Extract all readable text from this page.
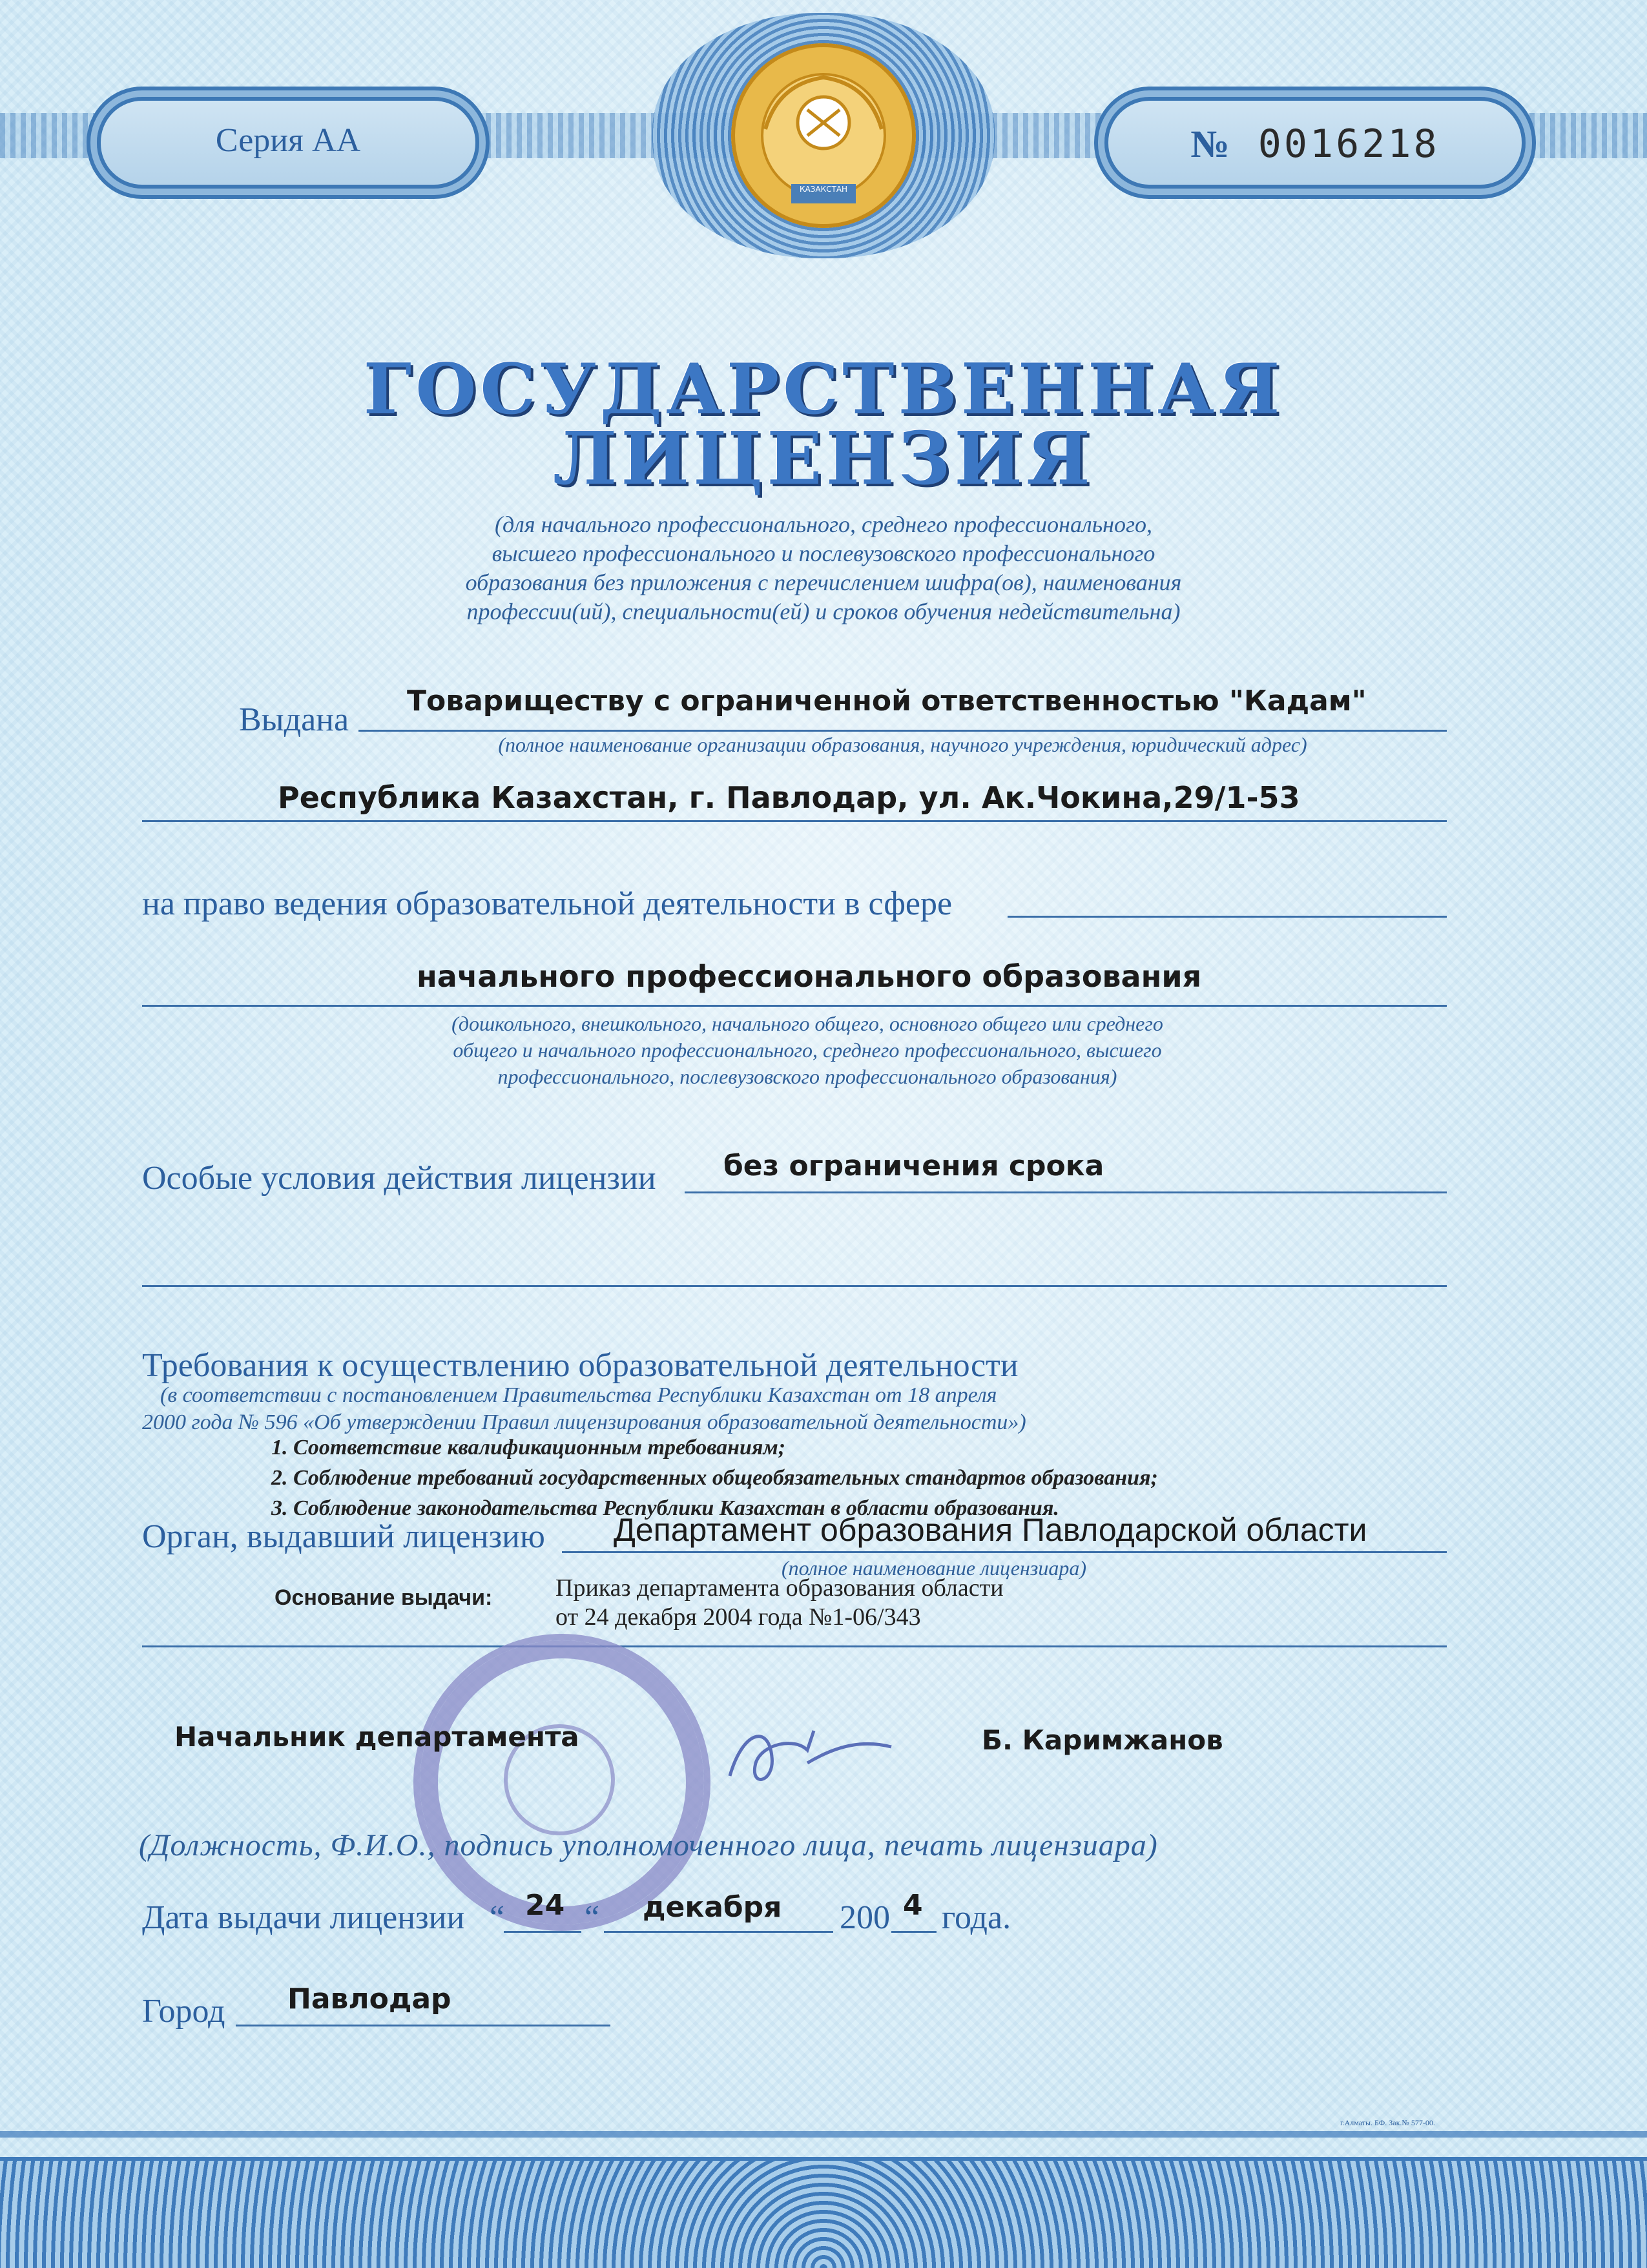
Серия АА	№ 0016218
КАЗАКСТАН
ГОСУДАРСТВЕННАЯ
ЛИЦЕНЗИЯ
(для начального профессионального, среднего профессионального,
высшего профессионального и послевузовского профессионального
образования без приложения с перечислением шифра(ов), наименования
профессии(ий), специальности(ей) и сроков обучения недействительна)
Выдана
Товариществу с ограниченной ответственностью "Кадам"
(полное наименование организации образования, научного учреждения, юридический адрес)
Республика Казахстан, г. Павлодар, ул. Ак.Чокина,29/1-53
на право ведения образовательной деятельности в сфере
начального профессионального образования
(дошкольного, внешкольного, начального общего, основного общего или среднего
общего и начального профессионального, среднего профессионального, высшего
профессионального, послевузовского профессионального образования)
Особые условия действия лицензии без ограничения срока
Требования к осуществлению образовательной деятельности
(в соответствии с постановлением Правительства Республики Казахстан от 18 апреля
2000 года № 596 «Об утверждении Правил лицензирования образовательной деятельности»)
1. Соответствие квалификационным требованиям;
2. Соблюдение требований государственных общеобязательных стандартов образования;
3. Соблюдение законодательства Республики Казахстан в области образования.
Орган, выдавший лицензию Департамент образования Павлодарской области
(полное наименование лицензиара)
Основание выдачи:	Приказ департамента образования области
от 24 декабря 2004 года №1-06/343
Начальник департамента	Б. Каримжанов
(Должность, Ф.И.О., подпись уполномоченного лица, печать лицензиара)
Дата выдачи лицензии “ 24 “ декабря 200 4 года.
Город Павлодар
г.Алматы. БФ. Зак.№ 577-00.
